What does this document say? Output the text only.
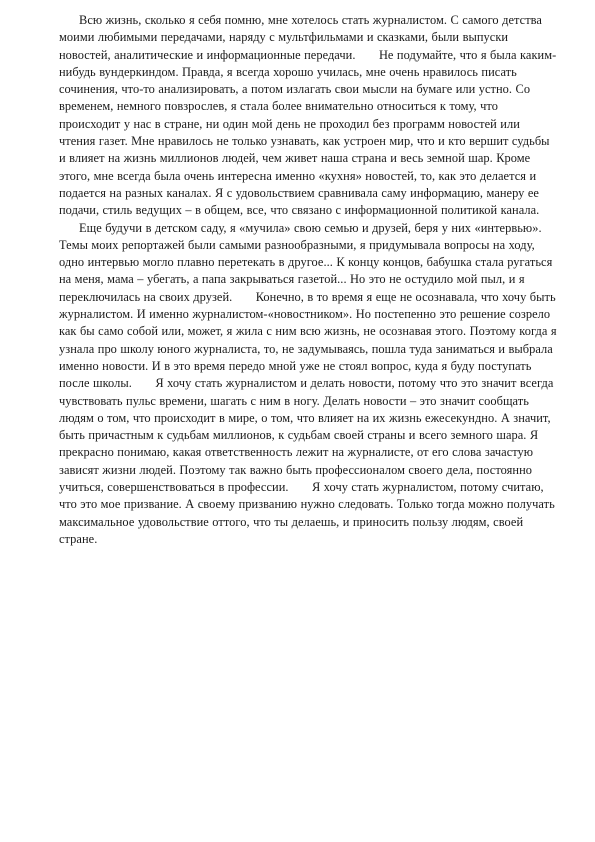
Всю жизнь, сколько я себя помню, мне хотелось стать журналистом. С самого детства моими любимыми передачами, наряду с мультфильмами и сказками, были выпуски новостей, аналитические и информационные передачи.

Не подумайте, что я была каким-нибудь вундеркиндом. Правда, я всегда хорошо училась, мне очень нравилось писать сочинения, что-то анализировать, а потом излагать свои мысли на бумаге или устно. Со временем, немного повзрослев, я стала более внимательно относиться к тому, что происходит у нас в стране, ни один мой день не проходил без программ новостей или чтения газет. Мне нравилось не только узнавать, как устроен мир, что и кто вершит судьбы и влияет на жизнь миллионов людей, чем живет наша страна и весь земной шар. Кроме этого, мне всегда была очень интересна именно «кухня» новостей, то, как это делается и подается на разных каналах. Я с удовольствием сравнивала саму информацию, манеру ее подачи, стиль ведущих – в общем, все, что связано с информационной политикой канала.

Еще будучи в детском саду, я «мучила» свою семью и друзей, беря у них «интервью». Темы моих репортажей были самыми разнообразными, я придумывала вопросы на ходу, одно интервью могло плавно перетекать в другое... К концу концов, бабушка стала ругаться на меня, мама – убегать, а папа закрываться газетой... Но это не остудило мой пыл, и я переключилась на своих друзей.

Конечно, в то время я еще не осознавала, что хочу быть журналистом. И именно журналистом-«новостником». Но постепенно это решение созрело как бы само собой или, может, я жила с ним всю жизнь, не осознавая этого. Поэтому когда я узнала про школу юного журналиста, то, не задумываясь, пошла туда заниматься и выбрала именно новости. И в это время передо мной уже не стоял вопрос, куда я буду поступать после школы.

Я хочу стать журналистом и делать новости, потому что это значит всегда чувствовать пульс времени, шагать с ним в ногу. Делать новости – это значит сообщать людям о том, что происходит в мире, о том, что влияет на их жизнь ежесекундно. А значит, быть причастным к судьбам миллионов, к судьбам своей страны и всего земного шара. Я прекрасно понимаю, какая ответственность лежит на журналисте, от его слова зачастую зависят жизни людей. Поэтому так важно быть профессионалом своего дела, постоянно учиться, совершенствоваться в профессии.

Я хочу стать журналистом, потому считаю, что это мое призвание. А своему призванию нужно следовать. Только тогда можно получать максимальное удовольствие оттого, что ты делаешь, и приносить пользу людям, своей стране.
